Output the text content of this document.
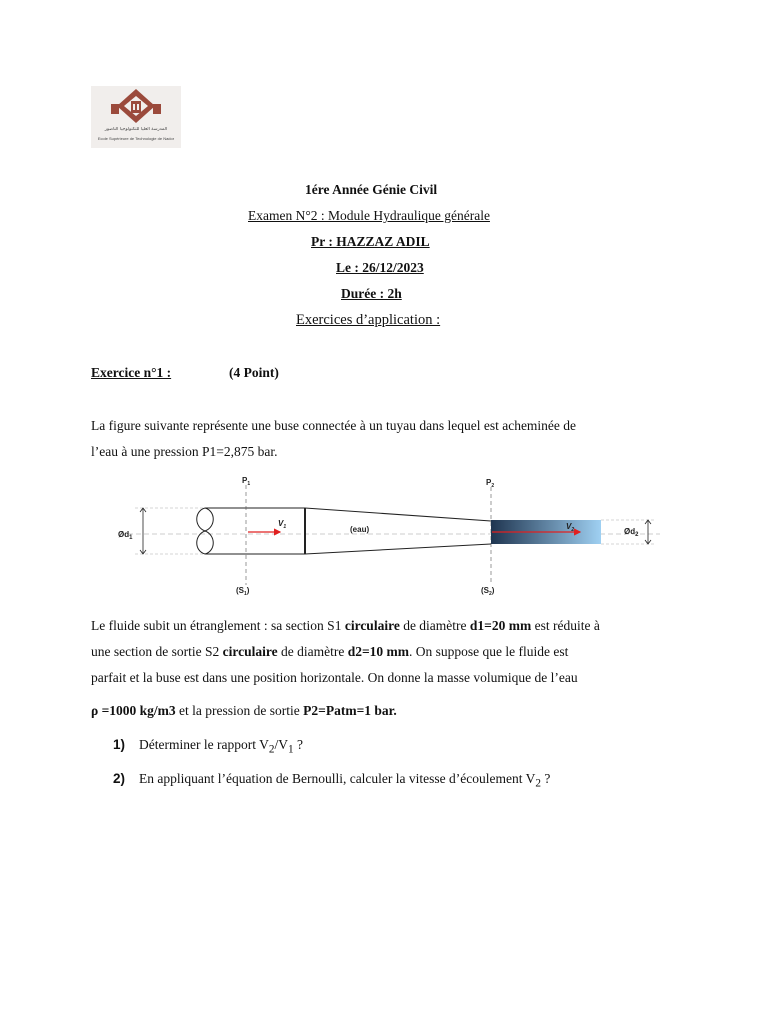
المدرسة العليا للتكنولوجيا الناضور
Ecole Supérieure de Technologie de Nador
1ére Année Génie Civil
Examen N°2 : Module Hydraulique générale
Pr : HAZZAZ ADIL
Le : 26/12/2023
Durée : 2h
Exercices d’application :
Exercice n°1 :	(4 Point)
La figure suivante représente une buse connectée à un tuyau dans lequel est acheminée de
l’eau à une pression P1=2,875 bar.
$Ød_1$
$Ød_2$
$V_1$	$V_2$
(eau)
$P_1$	$P_2$
$(S_1)$	$(S_2)$
Le fluide subit un étranglement : sa section S1 circulaire de diamètre d1=20 mm est réduite à
une section de sortie S2 circulaire de diamètre d2=10 mm. On suppose que le fluide est
parfait et la buse est dans une position horizontale. On donne la masse volumique de l’eau
ρ =1000 kg/m3 et la pression de sortie P2=Patm=1 bar.
1) Déterminer le rapport $V_2/V_1$ ?
2) En appliquant l’équation de Bernoulli, calculer la vitesse d’écoulement $V_2$ ?
